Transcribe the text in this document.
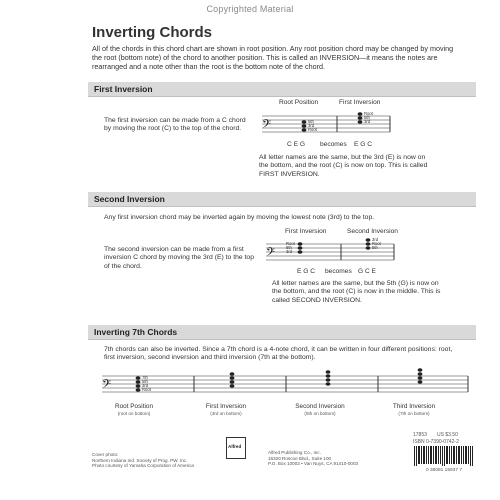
Copyrighted Material
Inverting Chords
All of the chords in this chord chart are shown in root position. Any root position chord may be changed by moving the root (bottom note) of the chord to another position. This is called an INVERSION—it means the notes are rearranged and a note other than the root is the bottom note of the chord.
First Inversion
Root Position	First Inversion
The first inversion can be made from a C chord by moving the root (C) to the top of the chord.	𝄢	5th
3rd
Root
Root
5th
3rd
C E G becomes E G C
All letter names are the same, but the 3rd (E) is now on the bottom, and the root (C) is now on top. This is called FIRST INVERSION.
Second Inversion
Any first inversion chord may be inverted again by moving the lowest note (3rd) to the top.
First Inversion	Second Inversion
The second inversion can be made from a first inversion C chord by moving the 3rd (E) to the top of the chord.
𝄢
Root
5th
3rd
3rd
Root
5th
E G C becomes G C E
All letter names are the same, but the 5th (G) is now on the bottom, and the root (C) is now in the middle. This is called SECOND INVERSION.
Inverting 7th Chords
7th chords can also be inverted. Since a 7th chord is a 4-note chord, it can be written in four different positions: root, first inversion, second inversion and third inversion (7th at the bottom).
𝄢
7th
5th
3rd
Root
Root Position
(root on bottom)
First Inversion
(3rd on bottom)
Second Inversion
(5th on bottom)
Third Inversion
(7th on bottom)
Cover photo:
Northern Indiana Ind. Society of Prog. PW. Inc.
Photo courtesy of Yamaha Corporation of America
Alfred
Alfred Publishing Co., Inc.
16320 Roscoe Blvd., Suite 100
P.O. Box 10003 • Van Nuys, CA 91410-0003
17853 US $3.50
ISBN 0-7390-0742-2
0 38081 15937 7
